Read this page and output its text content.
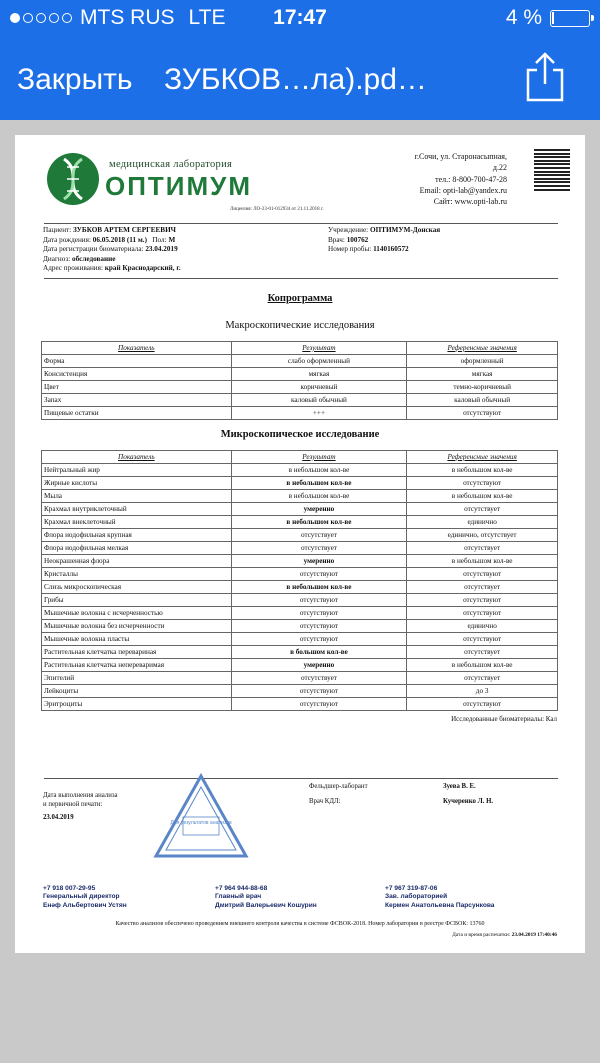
MTS RUS LTE	17:47	4 %
Закрыть ЗУБКОВ…ла).pd…
медицинская лаборатория
ОПТИМУМ
Лицензия: ЛО-23-01-012934 от 21.11.2018 г.
г.Сочи, ул. Старонасыпная,
д.22
тел.: 8-800-700-47-28
Email: opti-lab@yandex.ru
Сайт: www.opti-lab.ru
Пациент: ЗУБКОВ АРТЕМ СЕРГЕЕВИЧ
Дата рождения: 06.05.2018 (11 м.) Пол: М
Дата регистрации биоматериала: 23.04.2019
Диагноз: обследование
Адрес проживания: край Краснодарский, г.
Учреждение: ОПТИМУМ-Донская
Врач: 100762
Номер пробы: 1140160572
Копрограмма
Макроскопические исследования
Показатель	Результат	Референсные значения
Форма	слабо оформленный	оформленный
Консистенция	мягкая	мягкая
Цвет	коричневый	темно-коричневый
Запах	каловый обычный	каловый обычный
Пищевые остатки	+++	отсутствуют
Микроскопическое исследование
Показатель	Результат	Референсные значения
Нейтральный жир	в небольшом кол-ве	в небольшом кол-ве
Жирные кислоты	в небольшом кол-ве	отсутствуют
Мыла	в небольшом кол-ве	в небольшом кол-ве
Крахмал внутриклеточный	умеренно	отсутствует
Крахмал внеклеточный	в небольшом кол-ве	единично
Флора иодофильная крупная	отсутствует	единично, отсутствует
Флора иодофильная мелкая	отсутствует	отсутствует
Неокрашенная флора	умеренно	в небольшом кол-ве
Кристаллы	отсутствуют	отсутствуют
Слизь микроскопическая	в небольшом кол-ве	отсутствует
Грибы	отсутствуют	отсутствуют
Мышечные волокна с исчерченностью	отсутствуют	отсутствуют
Мышечные волокна без исчерченности	отсутствуют	единично
Мышечные волокна пласты	отсутствуют	отсутствуют
Растительная клетчатка перевариная	в большом кол-ве	отсутствует
Растительная клетчатка непереваримая	умеренно	в небольшом кол-ве
Эпителий	отсутствует	отсутствует
Лейкоциты	отсутствуют	до 3
Эритроциты	отсутствуют	отсутствуют
Исследованные биоматериалы: Кал
Дата выполнения анализа
и первичной печати:
23.04.2019
Фельдшер-лаборант
Врач КДЛ:
Зуева В. Е.
Кучеренко Л. Н.
Для результатов анализов
+7 918 007-29-95
Генеральный директор
Енәф Альбертович Устян
+7 964 944-88-68
Главный врач
Дмитрий Валерьевич Кошурин
+7 967 319-87-06
Зав. лабораторией
Кермен Анатольевна Парсункова
Качество анализов обеспечено проведением внешнего контроля качества в системе ФСВОК-2018. Номер лаборатории в реестре ФСВОК: 13760
Дата и время распечатки: 23.04.2019 17:40:46
